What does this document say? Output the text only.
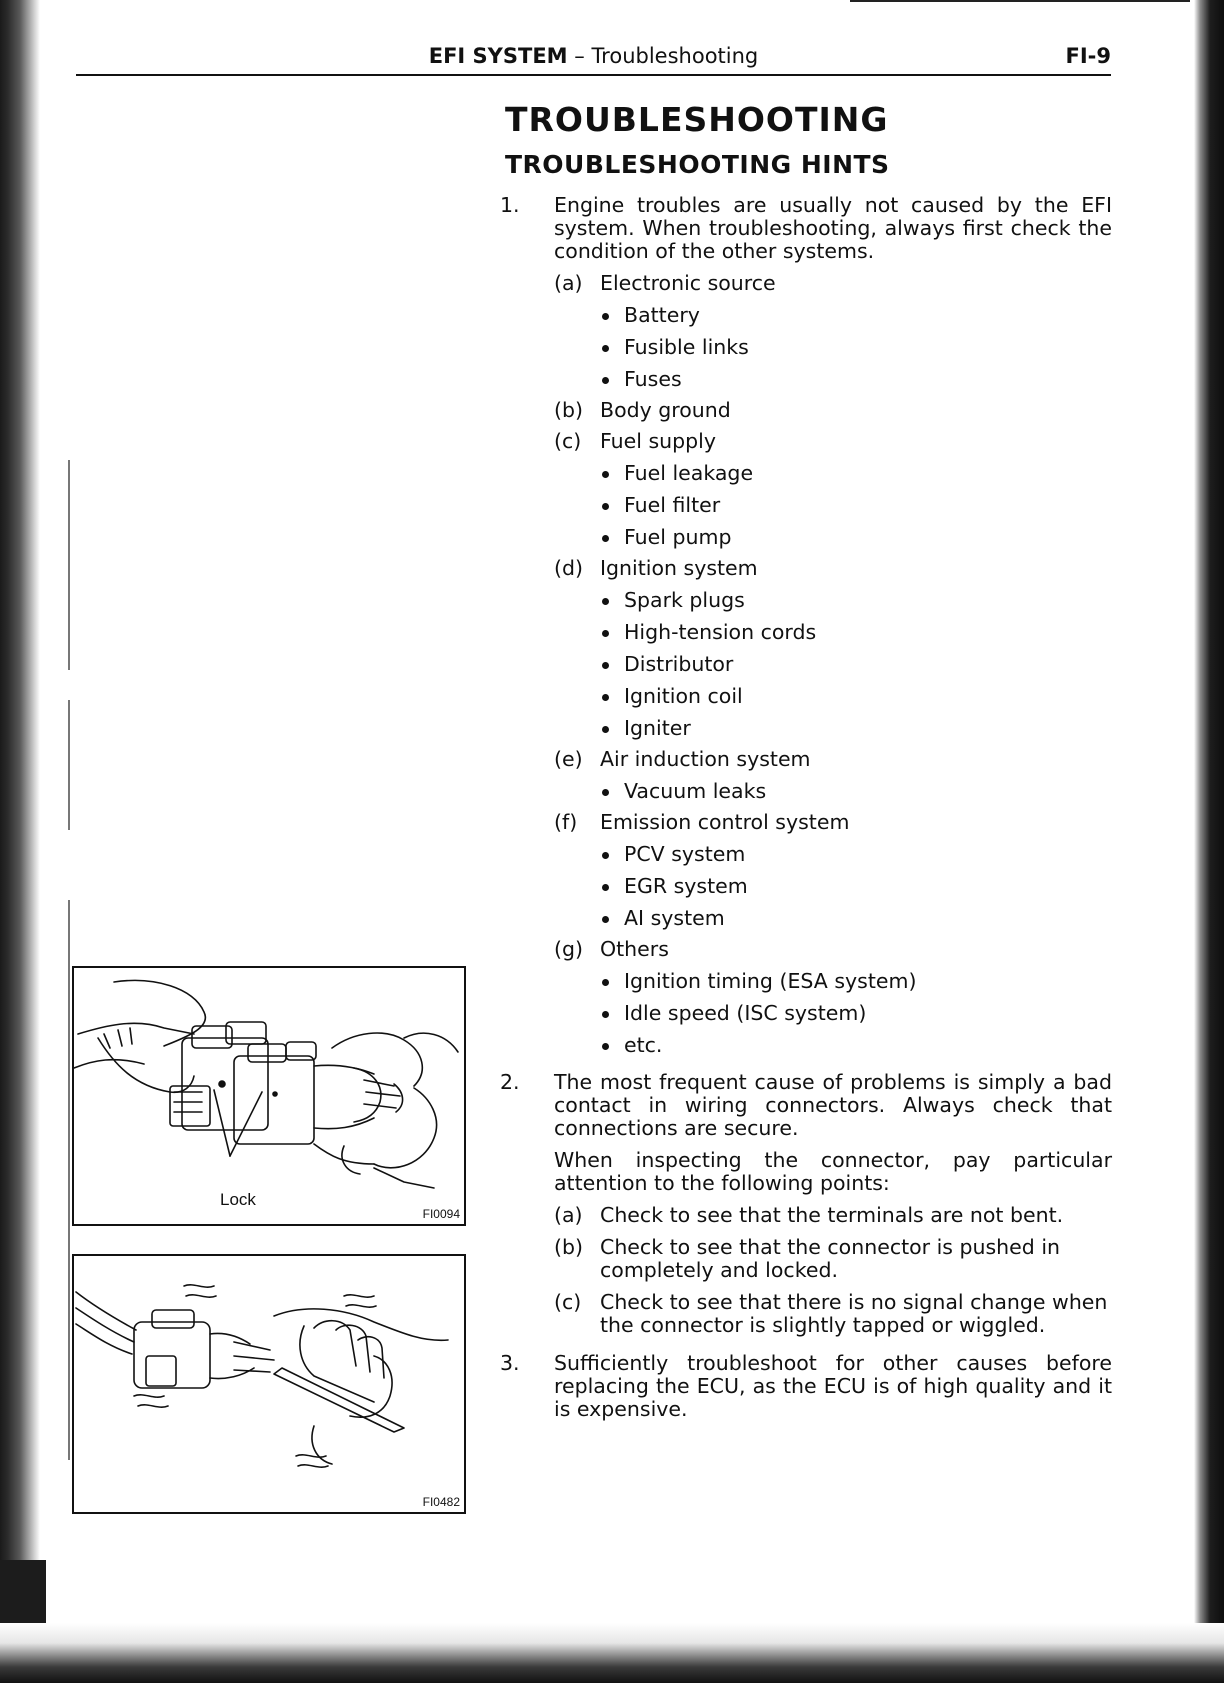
EFI SYSTEM – Troubleshooting	FI-9
TROUBLESHOOTING
TROUBLESHOOTING HINTS
1. Engine troubles are usually not caused by the EFI system. When troubleshooting, always first check the condition of the other systems.

(a) Electronic source
Battery
Fusible links
Fuses
(b) Body ground
(c) Fuel supply
Fuel leakage
Fuel filter
Fuel pump
(d) Ignition system
Spark plugs
High-tension cords
Distributor
Ignition coil
Igniter
(e) Air induction system
Vacuum leaks
(f) Emission control system
PCV system
EGR system
AI system
(g) Others
Ignition timing (ESA system)
Idle speed (ISC system)
etc.
2. The most frequent cause of problems is simply a bad contact in wiring connectors. Always check that connections are secure.

When inspecting the connector, pay particular attention to the following points:

(a) Check to see that the terminals are not bent.
(b) Check to see that the connector is pushed in completely and locked.
(c) Check to see that there is no signal change when the connector is slightly tapped or wiggled.
3. Sufficiently troubleshoot for other causes before replacing the ECU, as the ECU is of high quality and it is expensive.

Lock
FI0094
FI0482
